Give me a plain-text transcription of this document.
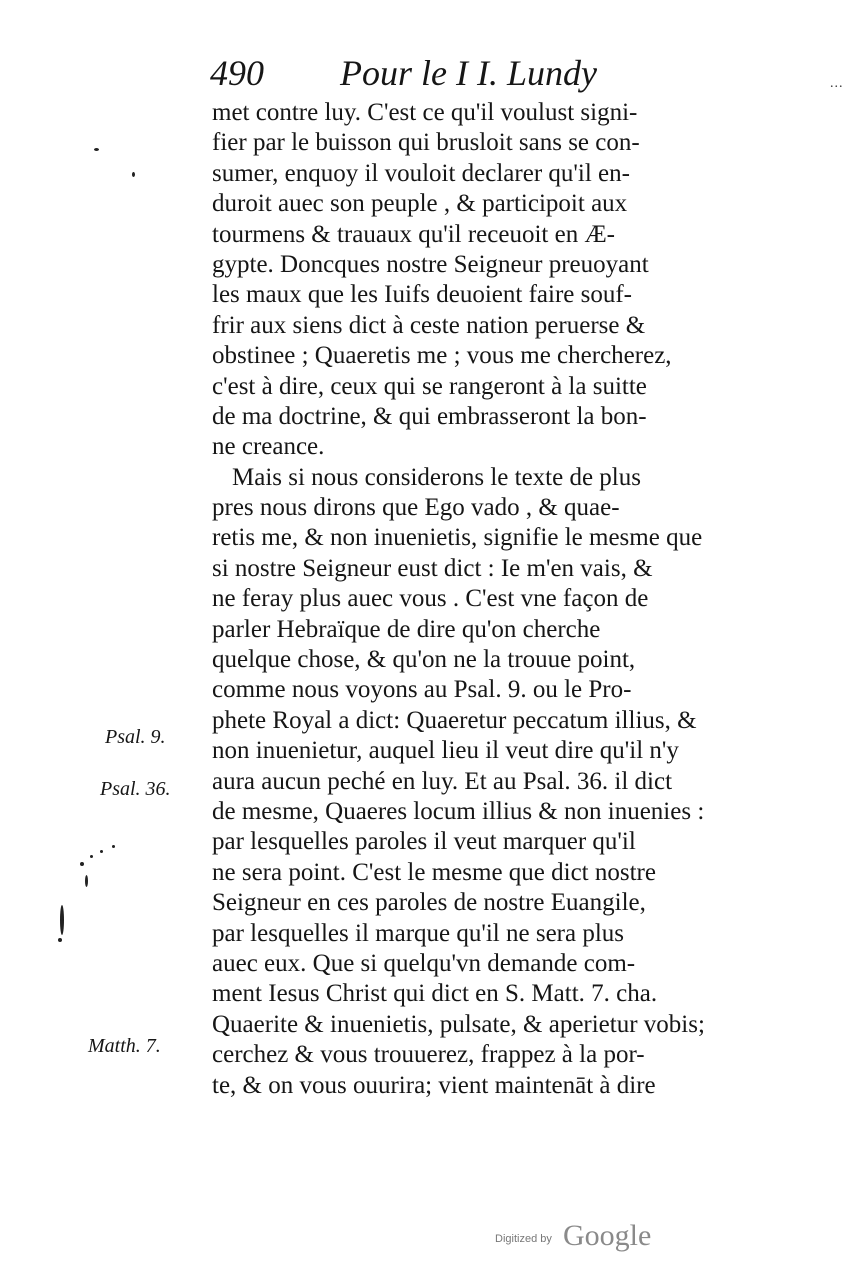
490 Pour le I I. Lundy	...
met contre luy. C'est ce qu'il voulust signi-
fier par le buisson qui brusloit sans se con-
sumer, enquoy il vouloit declarer qu'il en-
duroit auec son peuple , & participoit aux
tourmens & trauaux qu'il receuoit en Æ-
gypte. Doncques nostre Seigneur preuoyant
les maux que les Iuifs deuoient faire souf-
frir aux siens dict à ceste nation peruerse &
obstinee ; Quaeretis me ; vous me chercherez,
c'est à dire, ceux qui se rangeront à la suitte
de ma doctrine, & qui embrasseront la bon-
ne creance.
Mais si nous considerons le texte de plus
pres nous dirons que Ego vado , & quae-
retis me, & non inuenietis, signifie le mesme que
si nostre Seigneur eust dict : Ie m'en vais, &
ne feray plus auec vous . C'est vne façon de
parler Hebraïque de dire qu'on cherche
quelque chose, & qu'on ne la trouue point,
comme nous voyons au Psal. 9. ou le Pro-
phete Royal a dict: Quaeretur peccatum illius, &
non inuenietur, auquel lieu il veut dire qu'il n'y
aura aucun peché en luy. Et au Psal. 36. il dict
de mesme, Quaeres locum illius & non inuenies :
par lesquelles paroles il veut marquer qu'il
ne sera point. C'est le mesme que dict nostre
Seigneur en ces paroles de nostre Euangile,
par lesquelles il marque qu'il ne sera plus
auec eux. Que si quelqu'vn demande com-
ment Iesus Christ qui dict en S. Matt. 7. cha.
Quaerite & inuenietis, pulsate, & aperietur vobis;
cerchez & vous trouuerez, frappez à la por-
te, & on vous ouurira; vient maintenāt à dire
Psal. 9.
Psal. 36.
Matth. 7.
Digitized by Google
